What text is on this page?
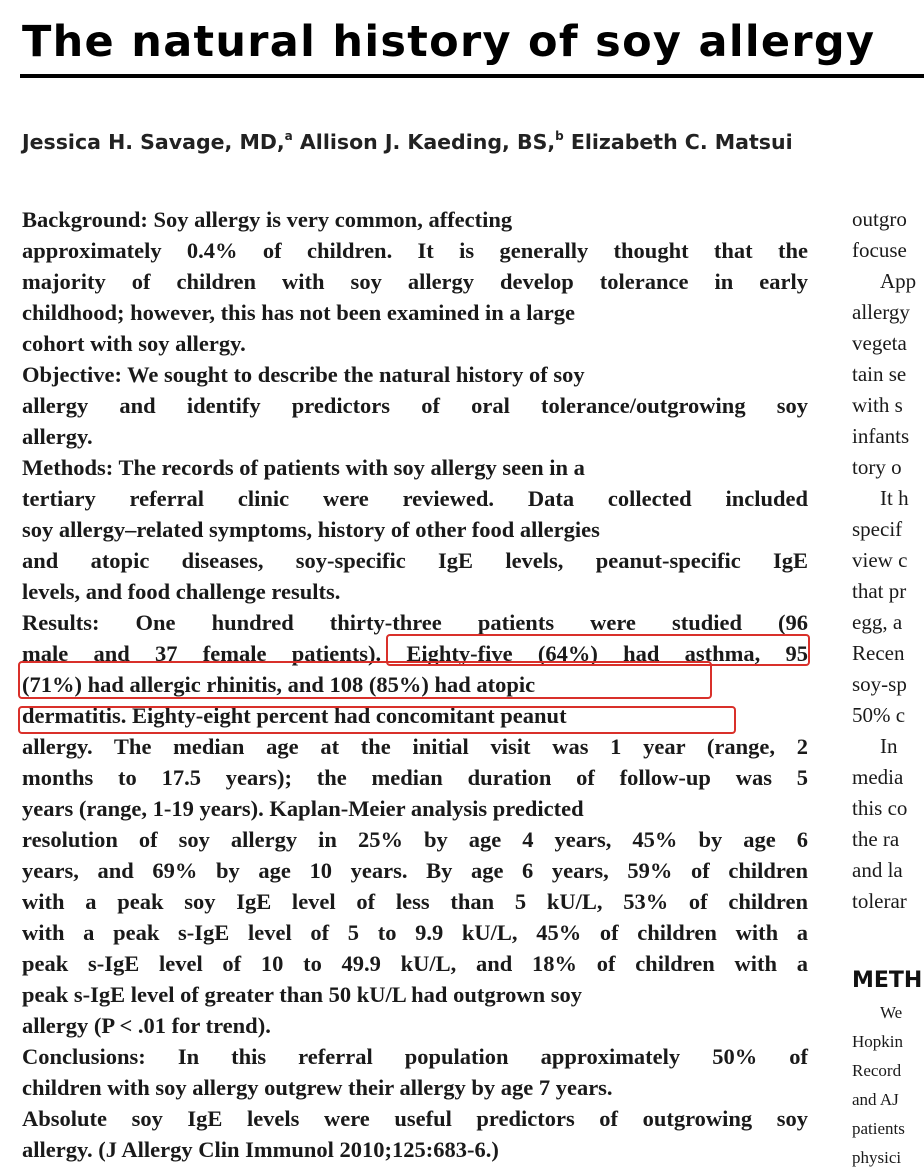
The natural history of soy allergy
Jessica H. Savage, MD,$^a$ Allison J. Kaeding, BS,$^b$ Elizabeth C. Matsui
Background: Soy allergy is very common, affecting
approximately 0.4% of children. It is generally thought that the
majority of children with soy allergy develop tolerance in early
childhood; however, this has not been examined in a large
cohort with soy allergy.
Objective: We sought to describe the natural history of soy
allergy and identify predictors of oral tolerance/outgrowing soy
allergy.
Methods: The records of patients with soy allergy seen in a
tertiary referral clinic were reviewed. Data collected included
soy allergy–related symptoms, history of other food allergies
and atopic diseases, soy-specific IgE levels, peanut-specific IgE
levels, and food challenge results.
Results: One hundred thirty-three patients were studied (96
male and 37 female patients). Eighty-five (64%) had asthma, 95
(71%) had allergic rhinitis, and 108 (85%) had atopic
dermatitis. Eighty-eight percent had concomitant peanut
allergy. The median age at the initial visit was 1 year (range, 2
months to 17.5 years); the median duration of follow-up was 5
years (range, 1-19 years). Kaplan-Meier analysis predicted
resolution of soy allergy in 25% by age 4 years, 45% by age 6
years, and 69% by age 10 years. By age 6 years, 59% of children
with a peak soy IgE level of less than 5 kU/L, 53% of children
with a peak s-IgE level of 5 to 9.9 kU/L, 45% of children with a
peak s-IgE level of 10 to 49.9 kU/L, and 18% of children with a
peak s-IgE level of greater than 50 kU/L had outgrown soy
allergy (P < .01 for trend).
Conclusions: In this referral population approximately 50% of
children with soy allergy outgrew their allergy by age 7 years.
Absolute soy IgE levels were useful predictors of outgrowing soy
allergy. (J Allergy Clin Immunol 2010;125:683-6.)
outgro
focuse
App
allergy
vegeta
tain se
with s
infants
tory o
It h
specif
view c
that pr
egg, a
Recen
soy-sp
50% c
In
media
this co
the ra
and la
tolerar
METH
We
Hopkin
Record
and AJ
patients
physici
